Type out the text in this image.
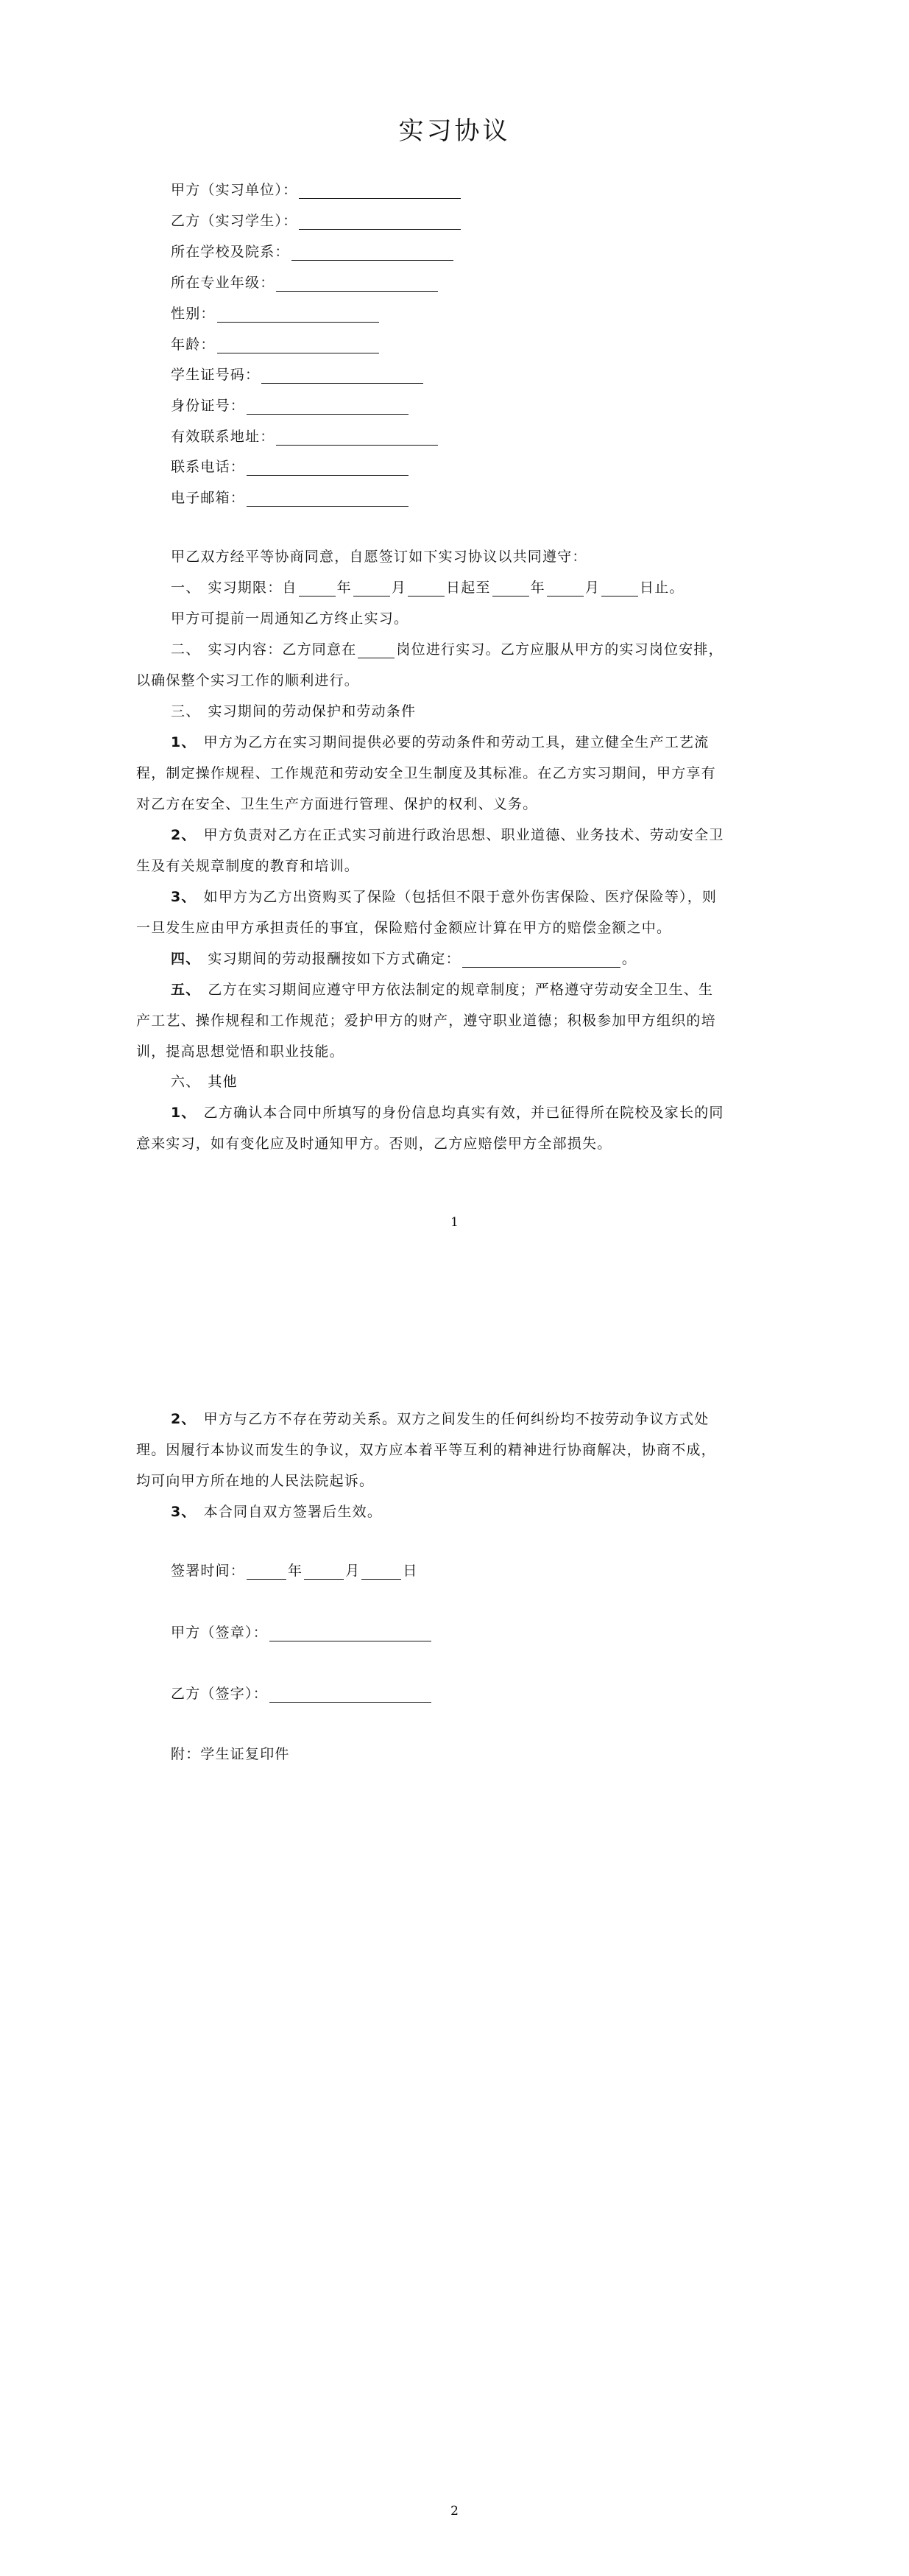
实习协议
甲方（实习单位）：
乙方（实习学生）：
所在学校及院系：
所在专业年级：
性别：
年龄：
学生证号码：
身份证号：
有效联系地址：
联系电话：
电子邮箱：
甲乙双方经平等协商同意，自愿签订如下实习协议以共同遵守：
一、 实习期限：自	年	月	日起至	年	月	日止。
甲方可提前一周通知乙方终止实习。
二、 实习内容：乙方同意在	岗位进行实习。乙方应服从甲方的实习岗位安排，
以确保整个实习工作的顺利进行。
三、 实习期间的劳动保护和劳动条件
1、 甲方为乙方在实习期间提供必要的劳动条件和劳动工具，建立健全生产工艺流
程，制定操作规程、工作规范和劳动安全卫生制度及其标准。在乙方实习期间，甲方享有
对乙方在安全、卫生生产方面进行管理、保护的权利、义务。
2、 甲方负责对乙方在正式实习前进行政治思想、职业道德、业务技术、劳动安全卫
生及有关规章制度的教育和培训。
3、 如甲方为乙方出资购买了保险（包括但不限于意外伤害保险、医疗保险等），则
一旦发生应由甲方承担责任的事宜，保险赔付金额应计算在甲方的赔偿金额之中。
四、 实习期间的劳动报酬按如下方式确定：	。
五、 乙方在实习期间应遵守甲方依法制定的规章制度；严格遵守劳动安全卫生、生
产工艺、操作规程和工作规范；爱护甲方的财产，遵守职业道德；积极参加甲方组织的培
训，提高思想觉悟和职业技能。
六、 其他
1、 乙方确认本合同中所填写的身份信息均真实有效，并已征得所在院校及家长的同
意来实习，如有变化应及时通知甲方。否则，乙方应赔偿甲方全部损失。
1
2、 甲方与乙方不存在劳动关系。双方之间发生的任何纠纷均不按劳动争议方式处
理。因履行本协议而发生的争议，双方应本着平等互利的精神进行协商解决，协商不成，
均可向甲方所在地的人民法院起诉。
3、 本合同自双方签署后生效。
签署时间：	年	月	日
甲方（签章）：
乙方（签字）：
附：学生证复印件
2
